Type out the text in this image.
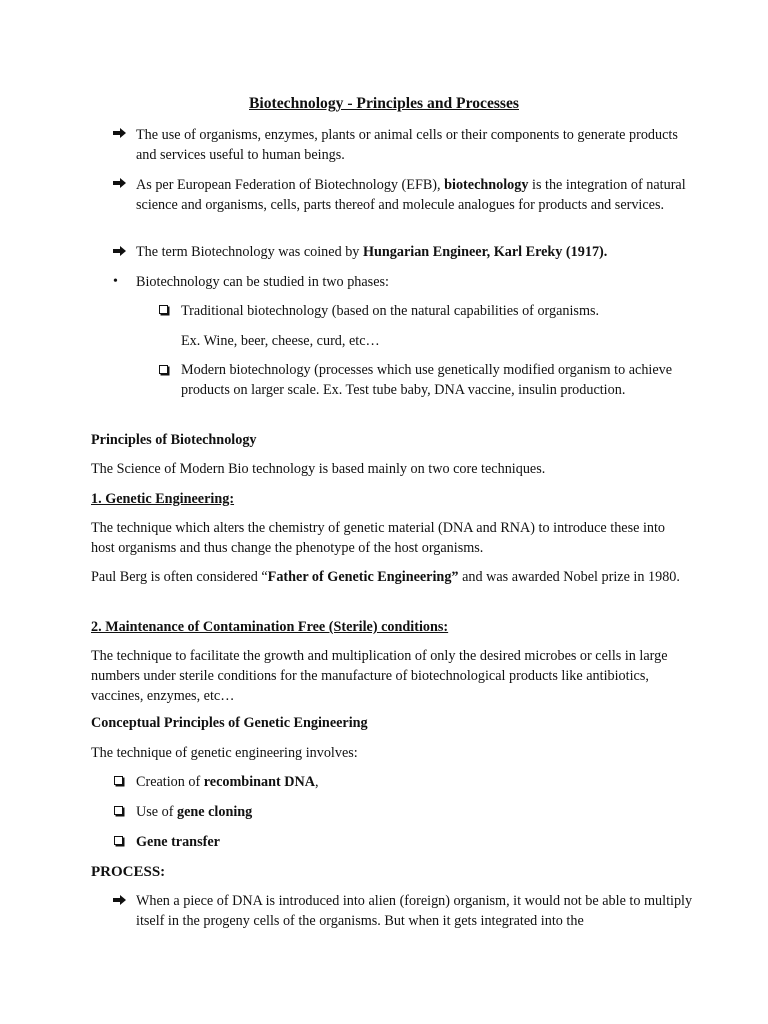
Biotechnology - Principles and Processes
The use of organisms, enzymes, plants or animal cells or their components to generate products and services useful to human beings.
As per European Federation of Biotechnology (EFB), biotechnology is the integration of natural science and organisms, cells, parts thereof and molecule analogues for products and services.
The term Biotechnology was coined by Hungarian Engineer, Karl Ereky (1917).
• Biotechnology can be studied in two phases:
Traditional biotechnology (based on the natural capabilities of organisms.
Ex. Wine, beer, cheese, curd, etc…
Modern biotechnology (processes which use genetically modified organism to achieve products on larger scale. Ex. Test tube baby, DNA vaccine, insulin production.
Principles of Biotechnology
The Science of Modern Bio technology is based mainly on two core techniques.
1. Genetic Engineering:
The technique which alters the chemistry of genetic material (DNA and RNA) to introduce these into host organisms and thus change the phenotype of the host organisms.
Paul Berg is often considered “Father of Genetic Engineering” and was awarded Nobel prize in 1980.
2. Maintenance of Contamination Free (Sterile) conditions:
The technique to facilitate the growth and multiplication of only the desired microbes or cells in large numbers under sterile conditions for the manufacture of biotechnological products like antibiotics, vaccines, enzymes, etc…
Conceptual Principles of Genetic Engineering
The technique of genetic engineering involves:
Creation of recombinant DNA,
Use of gene cloning
Gene transfer
PROCESS:
When a piece of DNA is introduced into alien (foreign) organism, it would not be able to multiply itself in the progeny cells of the organisms. But when it gets integrated into the
